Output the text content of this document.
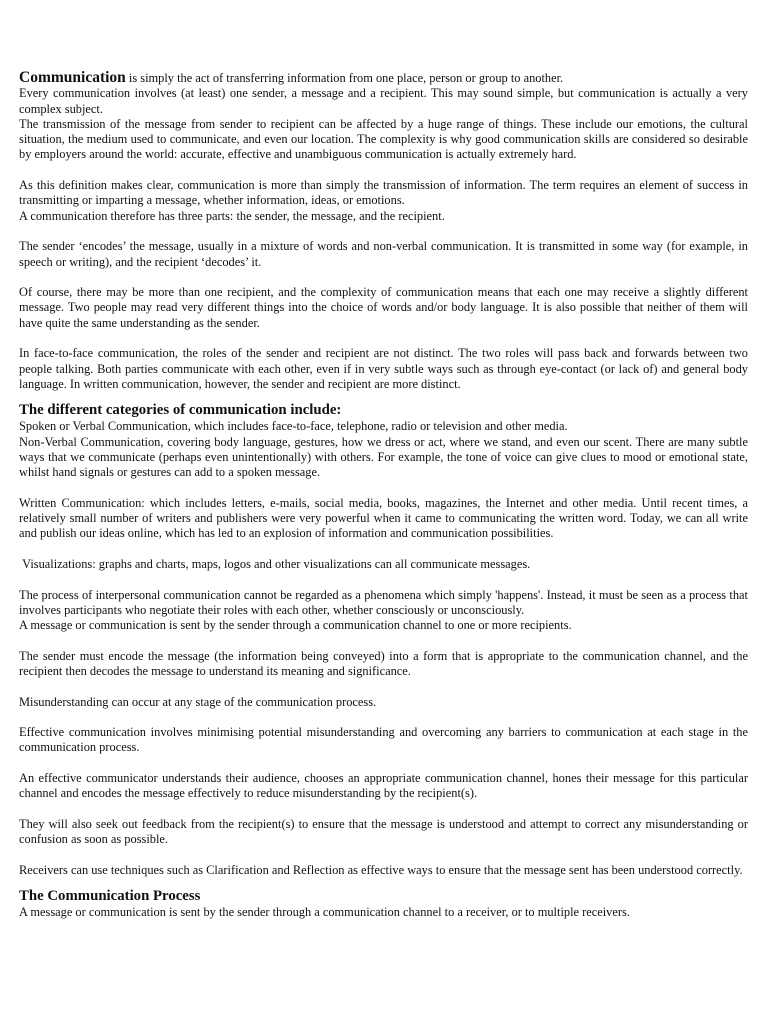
Communication is simply the act of transferring information from one place, person or group to another.

Every communication involves (at least) one sender, a message and a recipient. This may sound simple, but communication is actually a very complex subject.

The transmission of the message from sender to recipient can be affected by a huge range of things. These include our emotions, the cultural situation, the medium used to communicate, and even our location. The complexity is why good communication skills are considered so desirable by employers around the world: accurate, effective and unambiguous communication is actually extremely hard.

As this definition makes clear, communication is more than simply the transmission of information. The term requires an element of success in transmitting or imparting a message, whether information, ideas, or emotions.

A communication therefore has three parts: the sender, the message, and the recipient.

The sender ‘encodes’ the message, usually in a mixture of words and non-verbal communication. It is transmitted in some way (for example, in speech or writing), and the recipient ‘decodes’ it.

Of course, there may be more than one recipient, and the complexity of communication means that each one may receive a slightly different message. Two people may read very different things into the choice of words and/or body language. It is also possible that neither of them will have quite the same understanding as the sender.

In face-to-face communication, the roles of the sender and recipient are not distinct. The two roles will pass back and forwards between two people talking. Both parties communicate with each other, even if in very subtle ways such as through eye-contact (or lack of) and general body language. In written communication, however, the sender and recipient are more distinct.

The different categories of communication include:

Spoken or Verbal Communication, which includes face-to-face, telephone, radio or television and other media.

Non-Verbal Communication, covering body language, gestures, how we dress or act, where we stand, and even our scent. There are many subtle ways that we communicate (perhaps even unintentionally) with others. For example, the tone of voice can give clues to mood or emotional state, whilst hand signals or gestures can add to a spoken message.

Written Communication: which includes letters, e-mails, social media, books, magazines, the Internet and other media. Until recent times, a relatively small number of writers and publishers were very powerful when it came to communicating the written word. Today, we can all write and publish our ideas online, which has led to an explosion of information and communication possibilities.

Visualizations: graphs and charts, maps, logos and other visualizations can all communicate messages.

The process of interpersonal communication cannot be regarded as a phenomena which simply 'happens'. Instead, it must be seen as a process that involves participants who negotiate their roles with each other, whether consciously or unconsciously.

A message or communication is sent by the sender through a communication channel to one or more recipients.

The sender must encode the message (the information being conveyed) into a form that is appropriate to the communication channel, and the recipient then decodes the message to understand its meaning and significance.

Misunderstanding can occur at any stage of the communication process.

Effective communication involves minimising potential misunderstanding and overcoming any barriers to communication at each stage in the communication process.

An effective communicator understands their audience, chooses an appropriate communication channel, hones their message for this particular channel and encodes the message effectively to reduce misunderstanding by the recipient(s).

They will also seek out feedback from the recipient(s) to ensure that the message is understood and attempt to correct any misunderstanding or confusion as soon as possible.

Receivers can use techniques such as Clarification and Reflection as effective ways to ensure that the message sent has been understood correctly.

The Communication Process

A message or communication is sent by the sender through a communication channel to a receiver, or to multiple receivers.
